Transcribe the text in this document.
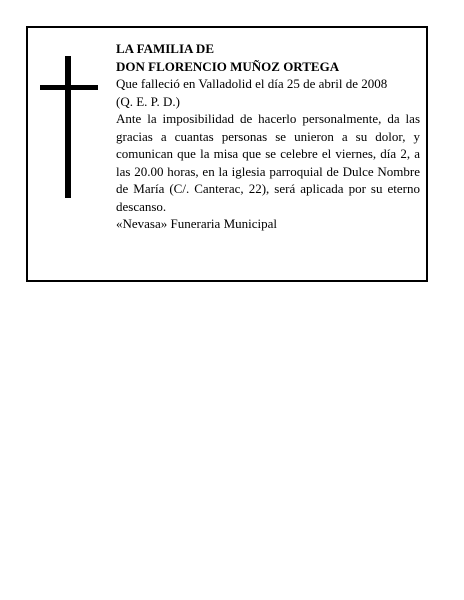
LA FAMILIA DE

DON FLORENCIO MUÑOZ ORTEGA

Que falleció en Valladolid el día 25 de abril de 2008

(Q. E. P. D.)

Ante la imposibilidad de hacerlo personalmente, da las gracias a cuantas personas se unieron a su dolor, y comunican que la misa que se celebre el viernes, día 2, a las 20.00 horas, en la iglesia parroquial de Dulce Nombre de María (C/. Canterac, 22), será aplicada por su eterno descanso.

«Nevasa» Funeraria Municipal
